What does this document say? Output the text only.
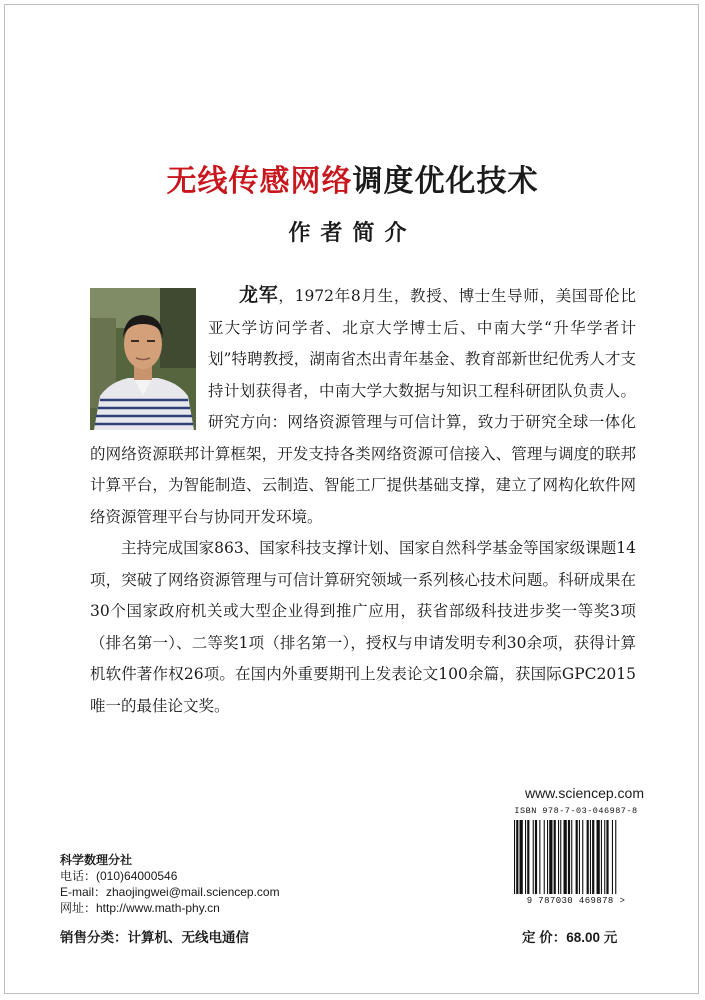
无线传感网络调度优化技术
作者简介

龙军，1972年8月生，教授、博士生导师，美国哥伦比亚大学访问学者、北京大学博士后、中南大学“升华学者计划”特聘教授，湖南省杰出青年基金、教育部新世纪优秀人才支持计划获得者，中南大学大数据与知识工程科研团队负责人。研究方向：网络资源管理与可信计算，致力于研究全球一体化的网络资源联邦计算框架，开发支持各类网络资源可信接入、管理与调度的联邦计算平台，为智能制造、云制造、智能工厂提供基础支撑，建立了网构化软件网络资源管理平台与协同开发环境。

主持完成国家863、国家科技支撑计划、国家自然科学基金等国家级课题14项，突破了网络资源管理与可信计算研究领域一系列核心技术问题。科研成果在30个国家政府机关或大型企业得到推广应用，获省部级科技进步奖一等奖3项（排名第一）、二等奖1项（排名第一），授权与申请发明专利30余项，获得计算机软件著作权26项。在国内外重要期刊上发表论文100余篇，获国际GPC2015唯一的最佳论文奖。

www.sciencep.com
ISBN 978-7-03-046987-8
9 787030 469878 >
科学数理分社
电话：(010)64000546
E-mail：zhaojingwei@mail.sciencep.com
网址：http://www.math-phy.cn
销售分类：计算机、无线电通信	定 价：68.00 元
